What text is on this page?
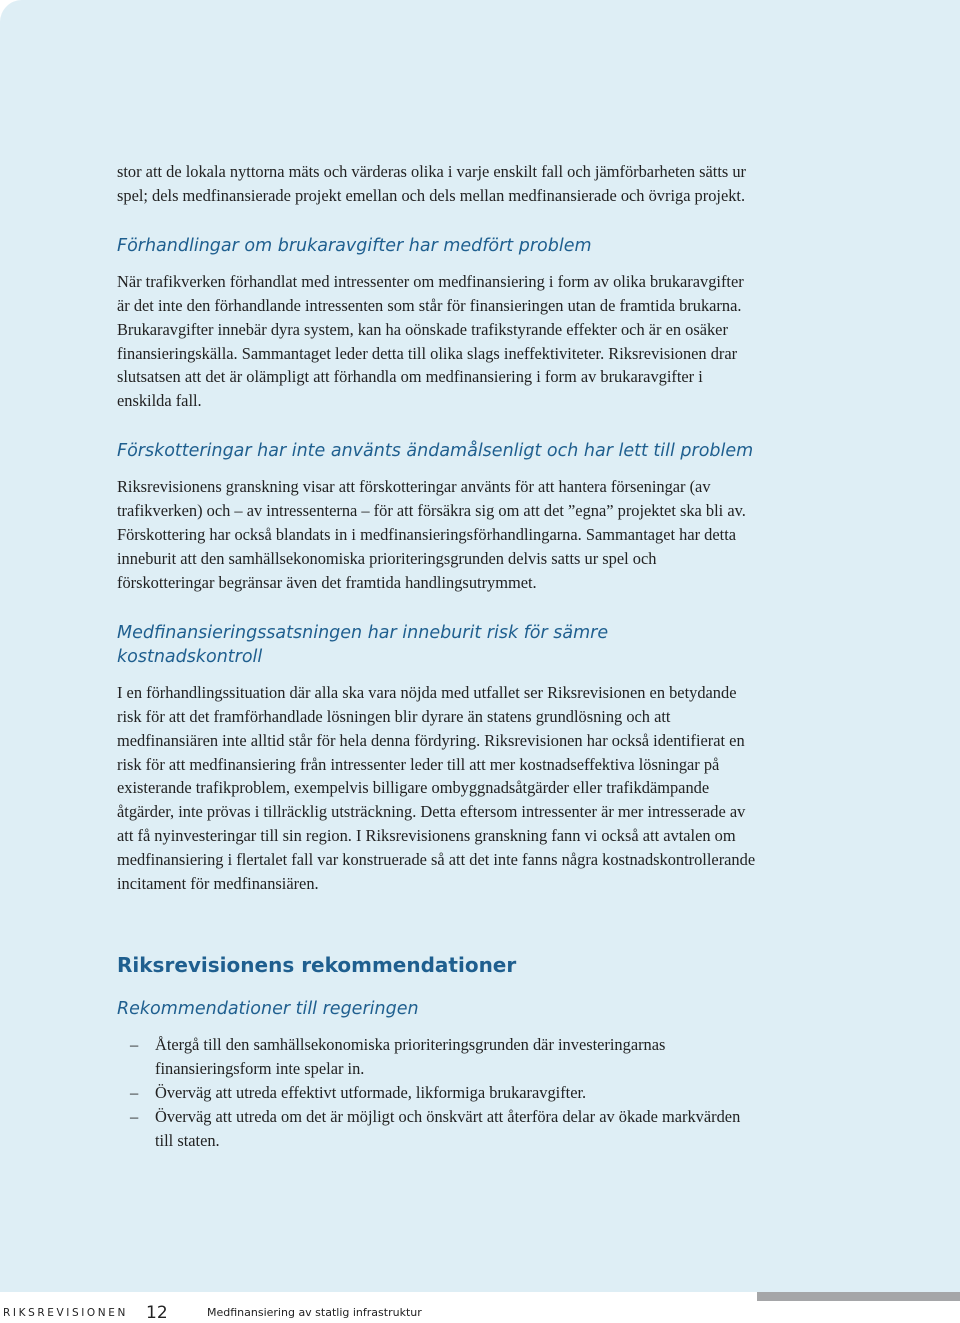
stor att de lokala nyttorna mäts och värderas olika i varje enskilt fall och jämförbarheten sätts ur spel; dels medfinansierade projekt emellan och dels mellan medfinansierade och övriga projekt.

Förhandlingar om brukaravgifter har medfört problem

När trafikverken förhandlat med intressenter om medfinansiering i form av olika brukaravgifter är det inte den förhandlande intressenten som står för finansieringen utan de framtida brukarna. Brukaravgifter innebär dyra system, kan ha oönskade trafikstyrande effekter och är en osäker finansieringskälla. Sammantaget leder detta till olika slags ineffektiviteter. Riksrevisionen drar slutsatsen att det är olämpligt att förhandla om medfinansiering i form av brukaravgifter i enskilda fall.

Förskotteringar har inte använts ändamålsenligt och har lett till problem

Riksrevisionens granskning visar att förskotteringar använts för att hantera förseningar (av trafikverken) och – av intressenterna – för att försäkra sig om att det ”egna” projektet ska bli av. Förskottering har också blandats in i medfinansieringsförhandlingarna. Sammantaget har detta inneburit att den samhällsekonomiska prioriteringsgrunden delvis satts ur spel och förskotteringar begränsar även det framtida handlingsutrymmet.

Medfinansieringssatsningen har inneburit risk för sämre kostnadskontroll

I en förhandlingssituation där alla ska vara nöjda med utfallet ser Riksrevisionen en betydande risk för att det framförhandlade lösningen blir dyrare än statens grundlösning och att medfinansiären inte alltid står för hela denna fördyring. Riksrevisionen har också identifierat en risk för att medfinansiering från intressenter leder till att mer kostnadseffektiva lösningar på existerande trafikproblem, exempelvis billigare ombyggnadsåtgärder eller trafikdämpande åtgärder, inte prövas i tillräcklig utsträckning. Detta eftersom intressenter är mer intresserade av att få nyinvesteringar till sin region. I Riksrevisionens granskning fann vi också att avtalen om medfinansiering i flertalet fall var konstruerade så att det inte fanns några kostnadskontrollerande incitament för medfinansiären.

Riksrevisionens rekommendationer
Rekommendationer till regeringen
– Återgå till den samhällsekonomiska prioriteringsgrunden där investeringarnas finansieringsform inte spelar in.
– Överväg att utreda effektivt utformade, likformiga brukaravgifter.
– Överväg att utreda om det är möjligt och önskvärt att återföra delar av ökade markvärden till staten.
RIKSREVISIONEN 12	Medfinansiering av statlig infrastruktur
